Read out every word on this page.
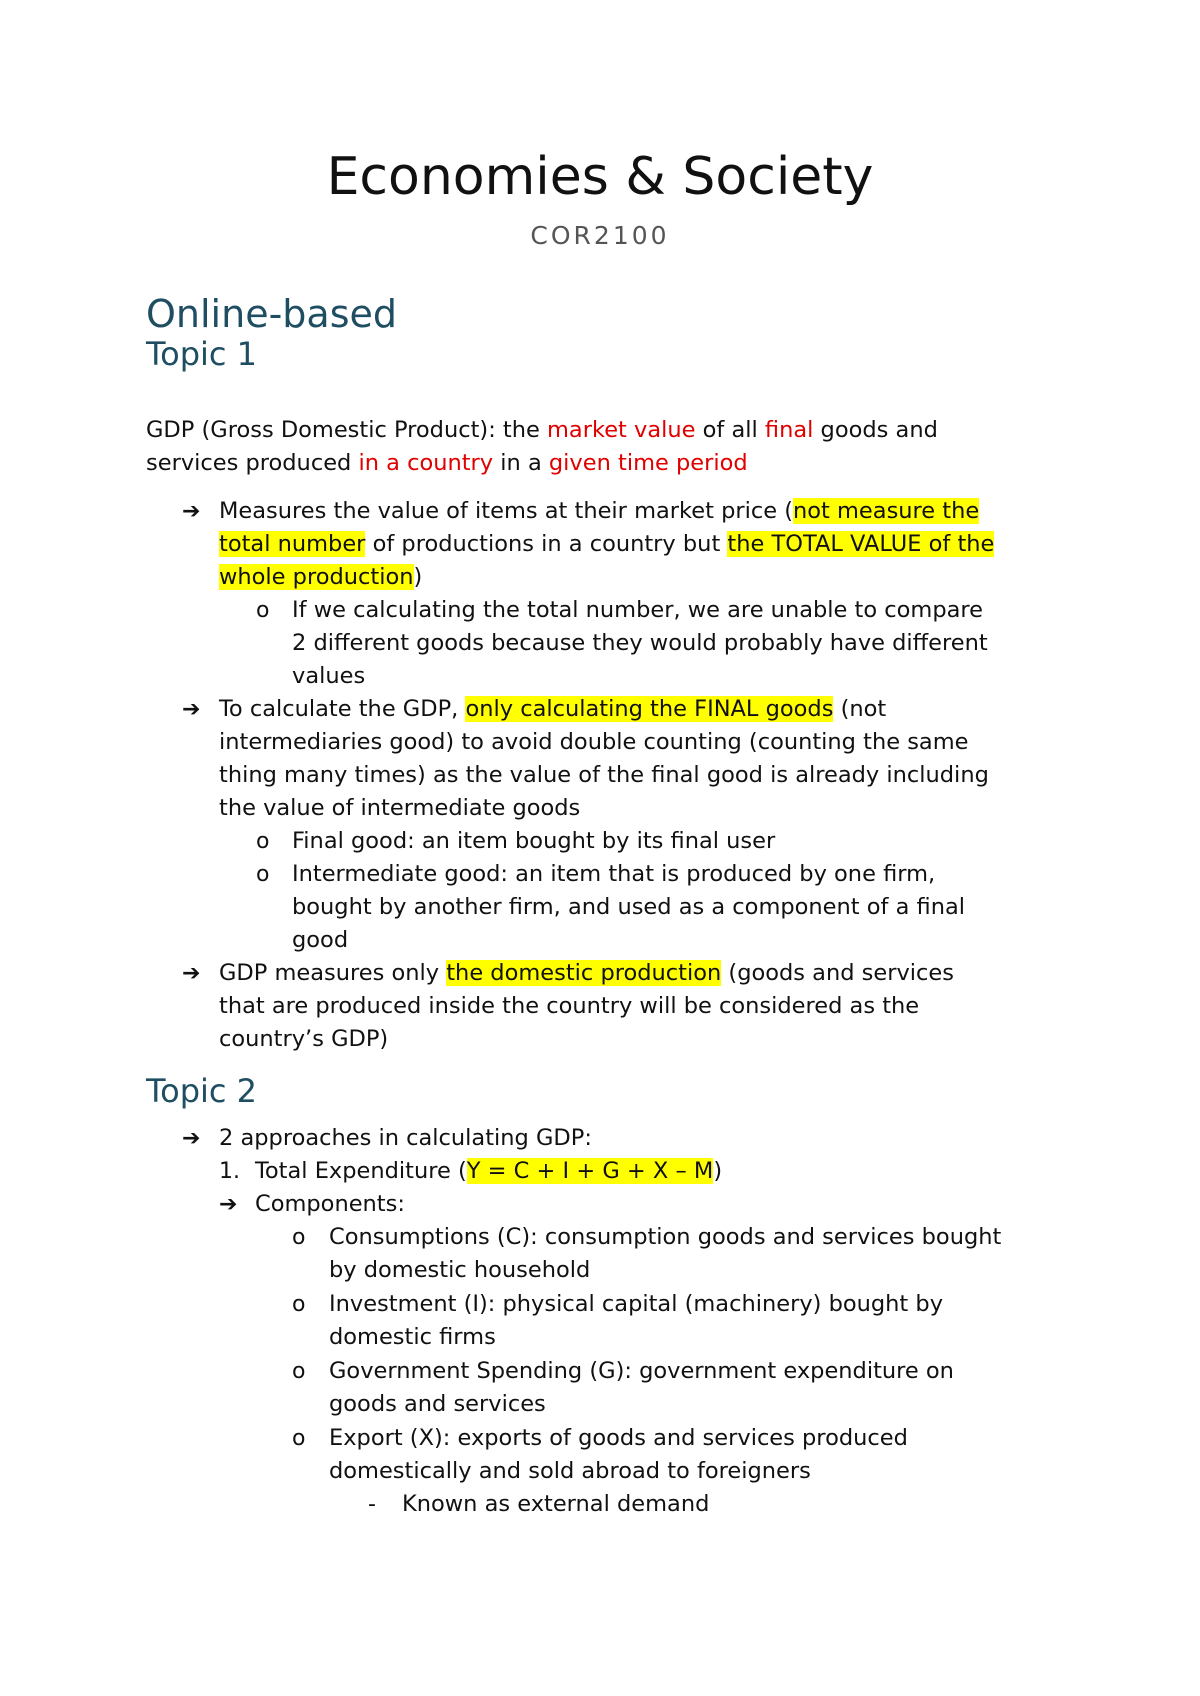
Economies & Society
COR2100
Online-based
Topic 1
GDP (Gross Domestic Product): the market value of all final goods and
services produced in a country in a given time period
➔ Measures the value of items at their market price (not measure the
total number of productions in a country but the TOTAL VALUE of the
whole production)
o If we calculating the total number, we are unable to compare
2 different goods because they would probably have different
values
➔ To calculate the GDP, only calculating the FINAL goods (not
intermediaries good) to avoid double counting (counting the same
thing many times) as the value of the final good is already including
the value of intermediate goods
o Final good: an item bought by its final user
o Intermediate good: an item that is produced by one firm,
bought by another firm, and used as a component of a final
good
➔ GDP measures only the domestic production (goods and services
that are produced inside the country will be considered as the
country’s GDP)
Topic 2
➔ 2 approaches in calculating GDP:
1. Total Expenditure (Y = C + I + G + X – M)
➔ Components:
o Consumptions (C): consumption goods and services bought
by domestic household
o Investment (I): physical capital (machinery) bought by
domestic firms
o Government Spending (G): government expenditure on
goods and services
o Export (X): exports of goods and services produced
domestically and sold abroad to foreigners
- Known as external demand
